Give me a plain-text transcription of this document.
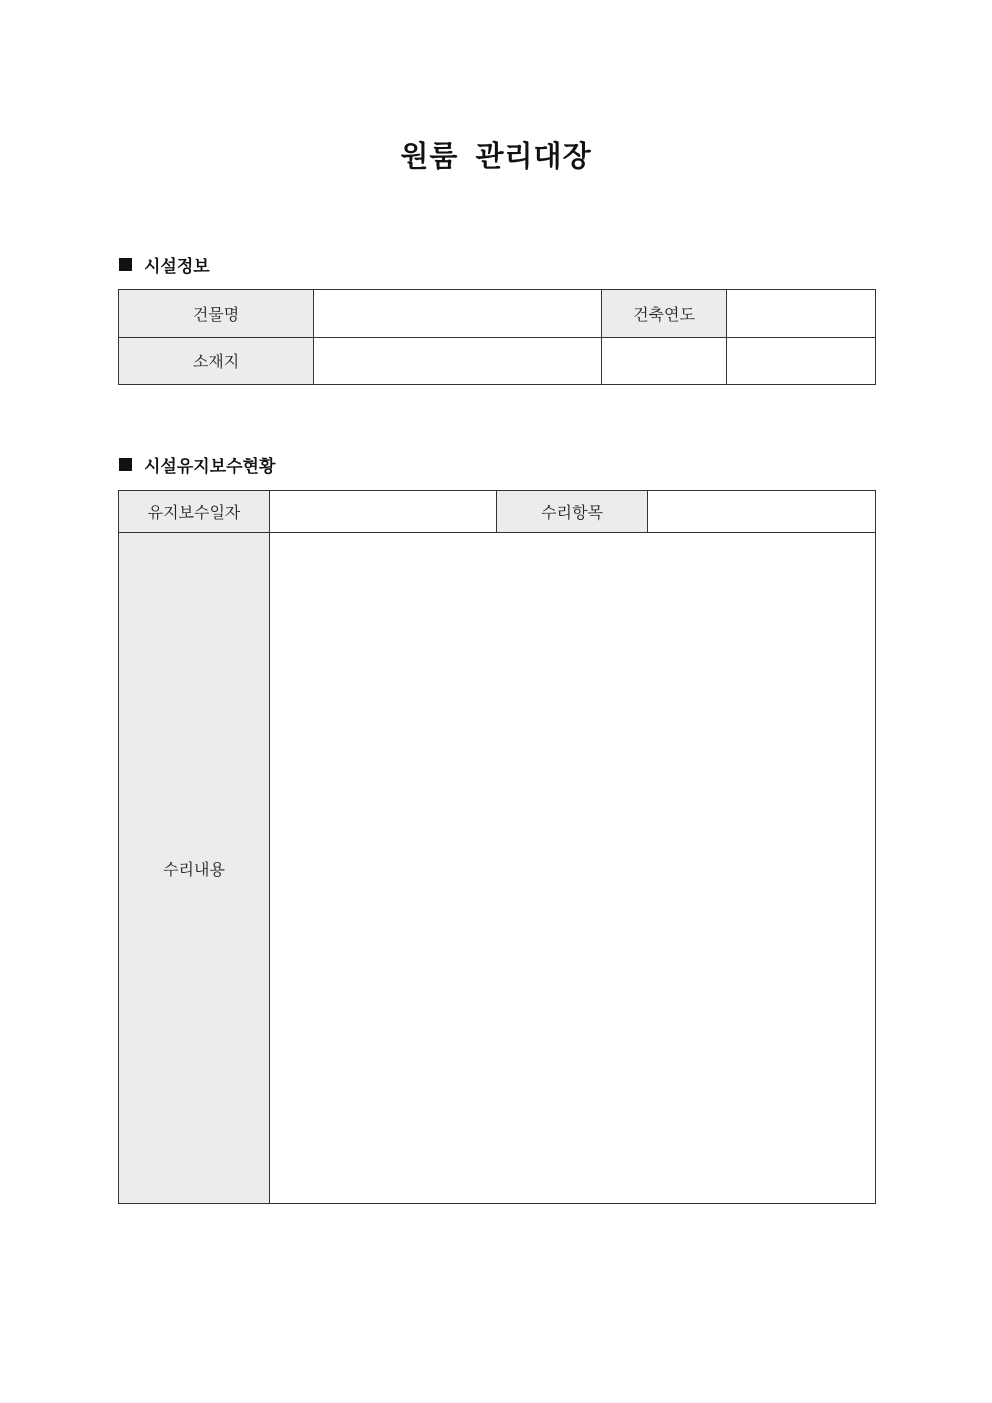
원룸 관리대장
시설정보
건물명		건축연도	
소재지			
시설유지보수현황
유지보수일자		수리항목	
수리내용			
